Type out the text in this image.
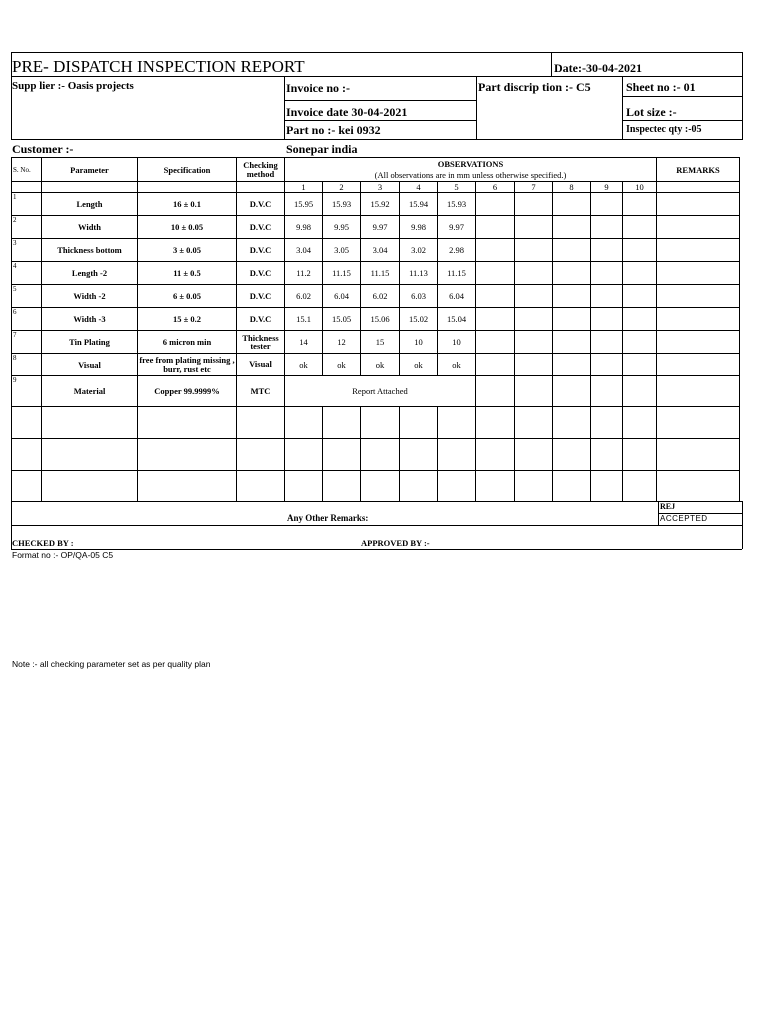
PRE- DISPATCH INSPECTION REPORT	Date:-30-04-2021
Supp lier :- Oasis projects	Invoice no :-	Part discrip tion :- C5	Sheet no :- 01
Invoice date 30-04-2021	Lot size :-
Part no :- kei 0932	Inspectec qty :-05
Customer :-	Sonepar india
S. No.	Parameter	Specification	Checking method	OBSERVATIONS										REMARKS
				(All observations are in mm unless otherwise specified.)										
				1	2	3	4	5	6	7	8	9	10	
1	Length	16 ± 0.1	D.V.C	15.95	15.93	15.92	15.94	15.93						
2	Width	10 ± 0.05	D.V.C	9.98	9.95	9.97	9.98	9.97						
3	Thickness bottom	3 ± 0.05	D.V.C	3.04	3.05	3.04	3.02	2.98						
4	Length -2	11 ± 0.5	D.V.C	11.2	11.15	11.15	11.13	11.15						
5	Width -2	6 ± 0.05	D.V.C	6.02	6.04	6.02	6.03	6.04						
6	Width -3	15 ± 0.2	D.V.C	15.1	15.05	15.06	15.02	15.04						
7	Tin Plating	6 micron min	Thickness tester	14	12	15	10	10						
8	Visual	free from plating missing , burr, rust etc	Visual	ok	ok	ok	ok	ok						
9	Material	Copper 99.9999%	MTC	Report Attached										

Any Other Remarks:
REJ
ACCEPTED
CHECKED BY :	APPROVED BY :-
Format no :- OP/QA-05 C5
Note :- all checking parameter set as per quality plan
